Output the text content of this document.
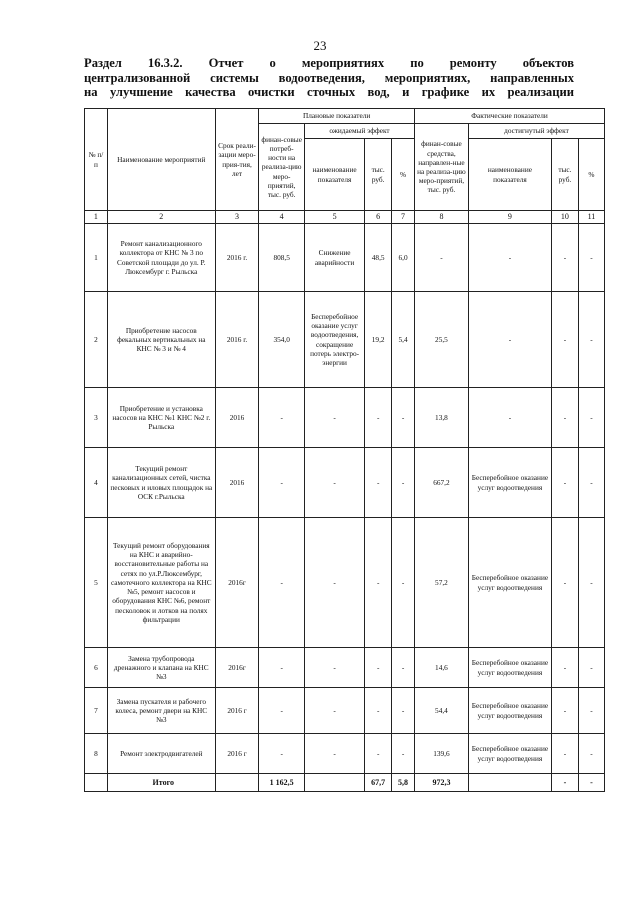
23
Раздел 16.3.2. Отчет о мероприятиях по ремонту объектов
централизованной системы водоотведения, мероприятиях, направленных
на улучшение качества очистки сточных вод, и графике их реализации
№ п/п	Наименование мероприятий	Срок реали-зации меро-прия-тия, лет	Плановые показатели				Фактические показатели			
			финан-совые потреб-ности на реализа-цию меро-приятий, тыс. руб.	ожидаемый эффект			финан-совые средства, направлен-ные на реализа-цию меро-приятий, тыс. руб.	достигнутый эффект		
				наименование показателя	тыс. руб.	%		наименование показателя	тыс. руб.	%
1	2	3	4	5	6	7	8	9	10	11
1	Ремонт канализационного коллектора от КНС № 3 по Советской площади до ул. Р. Люксембург г. Рыльска	2016 г.	808,5	Снижение аварийности	48,5	6,0	-	-	-	-
2	Приобретение насосов фекальных вертикальных на КНС № 3 и № 4	2016 г.	354,0	Бесперебойное оказание услуг водоотведения, сокращение потерь электро-энергии	19,2	5,4	25,5	-	-	-
3	Приобретение и установка насосов на КНС №1 КНС №2 г. Рыльска	2016	-	-	-	-	13,8	-	-	-
4	Текущий ремонт канализационных сетей, чистка песковых и иловых площадок на ОСК г.Рыльска	2016	-	-	-	-	667,2	Бесперебойное оказание услуг водоотведения	-	-
5	Текущий ремонт оборудования на КНС и аварийно-восстановительные работы на сетях по ул.Р.Люксембург, самотечного коллектора на КНС №5, ремонт насосов и оборудования КНС №6, ремонт песколовок и лотков на полях фильтрации	2016г	-	-	-	-	57,2	Бесперебойное оказание услуг водоотведения	-	-
6	Замена трубопровода дренажного и клапана на КНС №3	2016г	-	-	-	-	14,6	Бесперебойное оказание услуг водоотведения	-	-
7	Замена пускателя и рабочего колеса, ремонт двери на КНС №3	2016 г	-	-	-	-	54,4	Бесперебойное оказание услуг водоотведения	-	-
8	Ремонт электродвигателей	2016 г	-	-	-	-	139,6	Бесперебойное оказание услуг водоотведения	-	-
	Итого		1 162,5		67,7	5,8	972,3		-	-
